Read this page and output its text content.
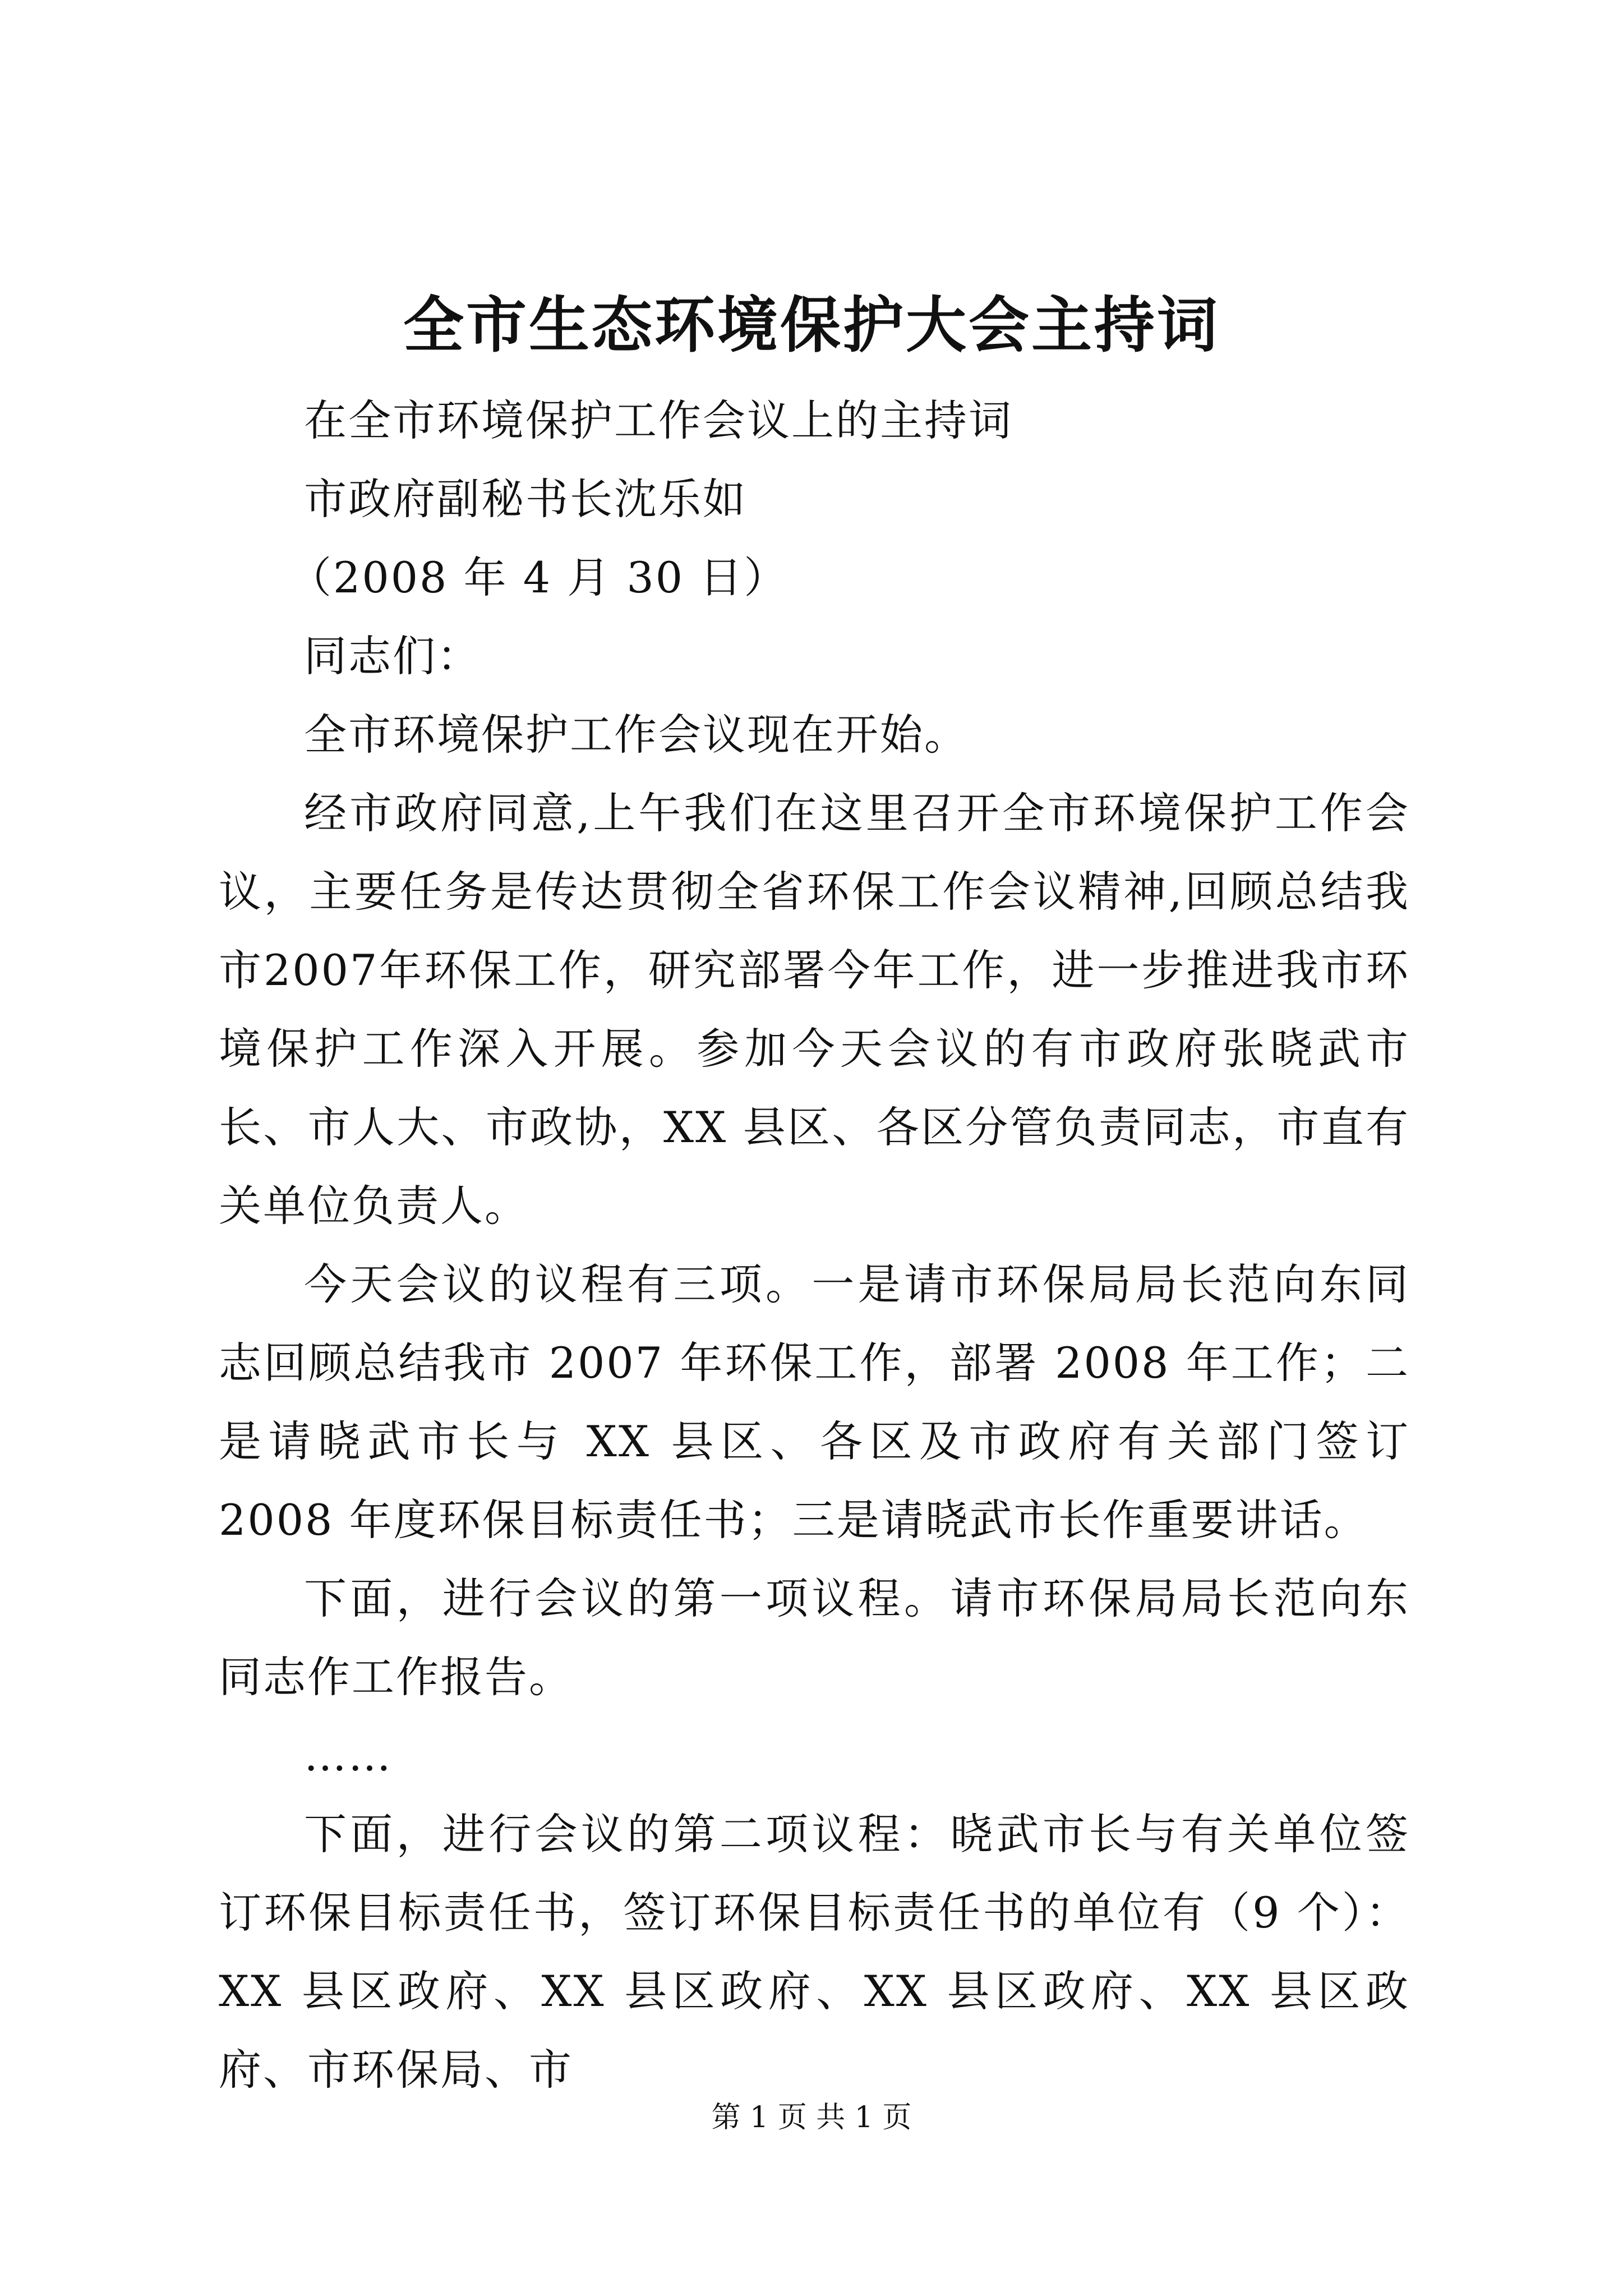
全市生态环境保护大会主持词

在全市环境保护工作会议上的主持词

市政府副秘书长沈乐如

（2008 年 4 月 30 日）

同志们：

全市环境保护工作会议现在开始。

经市政府同意,上午我们在这里召开全市环境保护工作会议，主要任务是传达贯彻全省环保工作会议精神,回顾总结我市2007年环保工作，研究部署今年工作，进一步推进我市环境保护工作深入开展。参加今天会议的有市政府张晓武市长、市人大、市政协，XX 县区、各区分管负责同志，市直有关单位负责人。

今天会议的议程有三项。一是请市环保局局长范向东同志回顾总结我市 2007 年环保工作，部署 2008 年工作；二是请晓武市长与 XX 县区、各区及市政府有关部门签订 2008 年度环保目标责任书；三是请晓武市长作重要讲话。

下面，进行会议的第一项议程。请市环保局局长范向东同志作工作报告。

……

下面，进行会议的第二项议程：晓武市长与有关单位签订环保目标责任书，签订环保目标责任书的单位有（9 个）：XX 县区政府、XX 县区政府、XX 县区政府、XX 县区政府、市环保局、市

第 1 页 共 1 页
